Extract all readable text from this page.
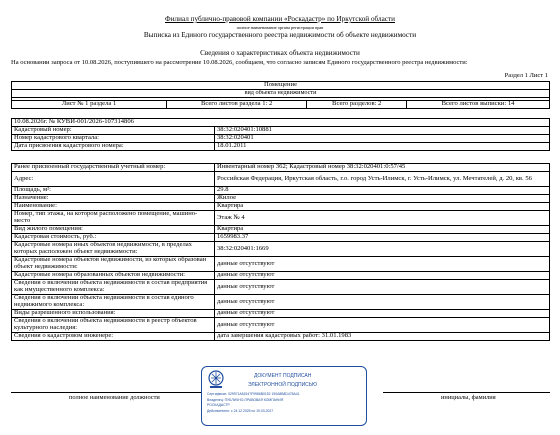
Филиал публично-правовой компании «Роскадастр» по Иркутской области
полное наименование органа регистрации прав
Выписка из Единого государственного реестра недвижимости об объекте недвижимости
Сведения о характеристиках объекта недвижимости
На основании запроса от 10.08.2026, поступившего на рассмотрение 10.08.2026, сообщаем, что согласно записям Единого государственного реестра недвижимости:
Раздел 1 Лист 1
Помещение
вид объекта недвижимости

Лист № 1 раздела 1	Всего листов раздела 1: 2	Всего разделов: 2	Всего листов выписки: 14
10.08.2026г. № КУВИ-001/2026-107314806	
Кадастровый номер:	38:32:020401:10881
Номер кадастрового квартала:	38:32:020401
Дата присвоения кадастрового номера:	18.01.2011
Ранее присвоенный государственный учетный номер:	Инвентарный номер 362; Кадастровый номер 38:32:020401:0:57/45
Адрес:	Российская Федерация, Иркутская область, г.о. город Усть-Илимск, г. Усть-Илимск, ул. Мечтателей, д. 20, кв. 56
Площадь, м²:	29.8
Назначение:	Жилое
Наименование:	Квартира
Номер, тип этажа, на котором расположено помещение, машино-место	Этаж № 4
Вид жилого помещения:	Квартира
Кадастровая стоимость, руб.:	1659983.37
Кадастровые номера иных объектов недвижимости, в пределах которых расположен объект недвижимости:	38:32:020401:1669
Кадастровые номера объектов недвижимости, из которых образован объект недвижимости:	данные отсутствуют
Кадастровые номера образованных объектов недвижимости:	данные отсутствуют
Сведения о включении объекта недвижимости в состав предприятия как имущественного комплекса:	данные отсутствуют
Сведения о включении объекта недвижимости в состав единого недвижимого комплекса:	данные отсутствуют
Виды разрешенного использования:	данные отсутствуют
Сведения о включении объекта недвижимости в реестр объектов культурного наследия:	данные отсутствуют
Сведения о кадастровом инженере:	дата завершения кадастровых работ: 31.01.1983
полное наименование должности	инициалы, фамилия
ДОКУМЕНТ ПОДПИСАН
ЭЛЕКТРОННОЙ ПОДПИСЬЮ
Сертификат: 029971A81547F9986B0152 190A8B8D478A41
Владелец: ПУБЛИЧНО-ПРАВОВАЯ КОМПАНИЯ
РОСКАДАСТР
Действителен: с 24.12.2025 по 19.03.2027
